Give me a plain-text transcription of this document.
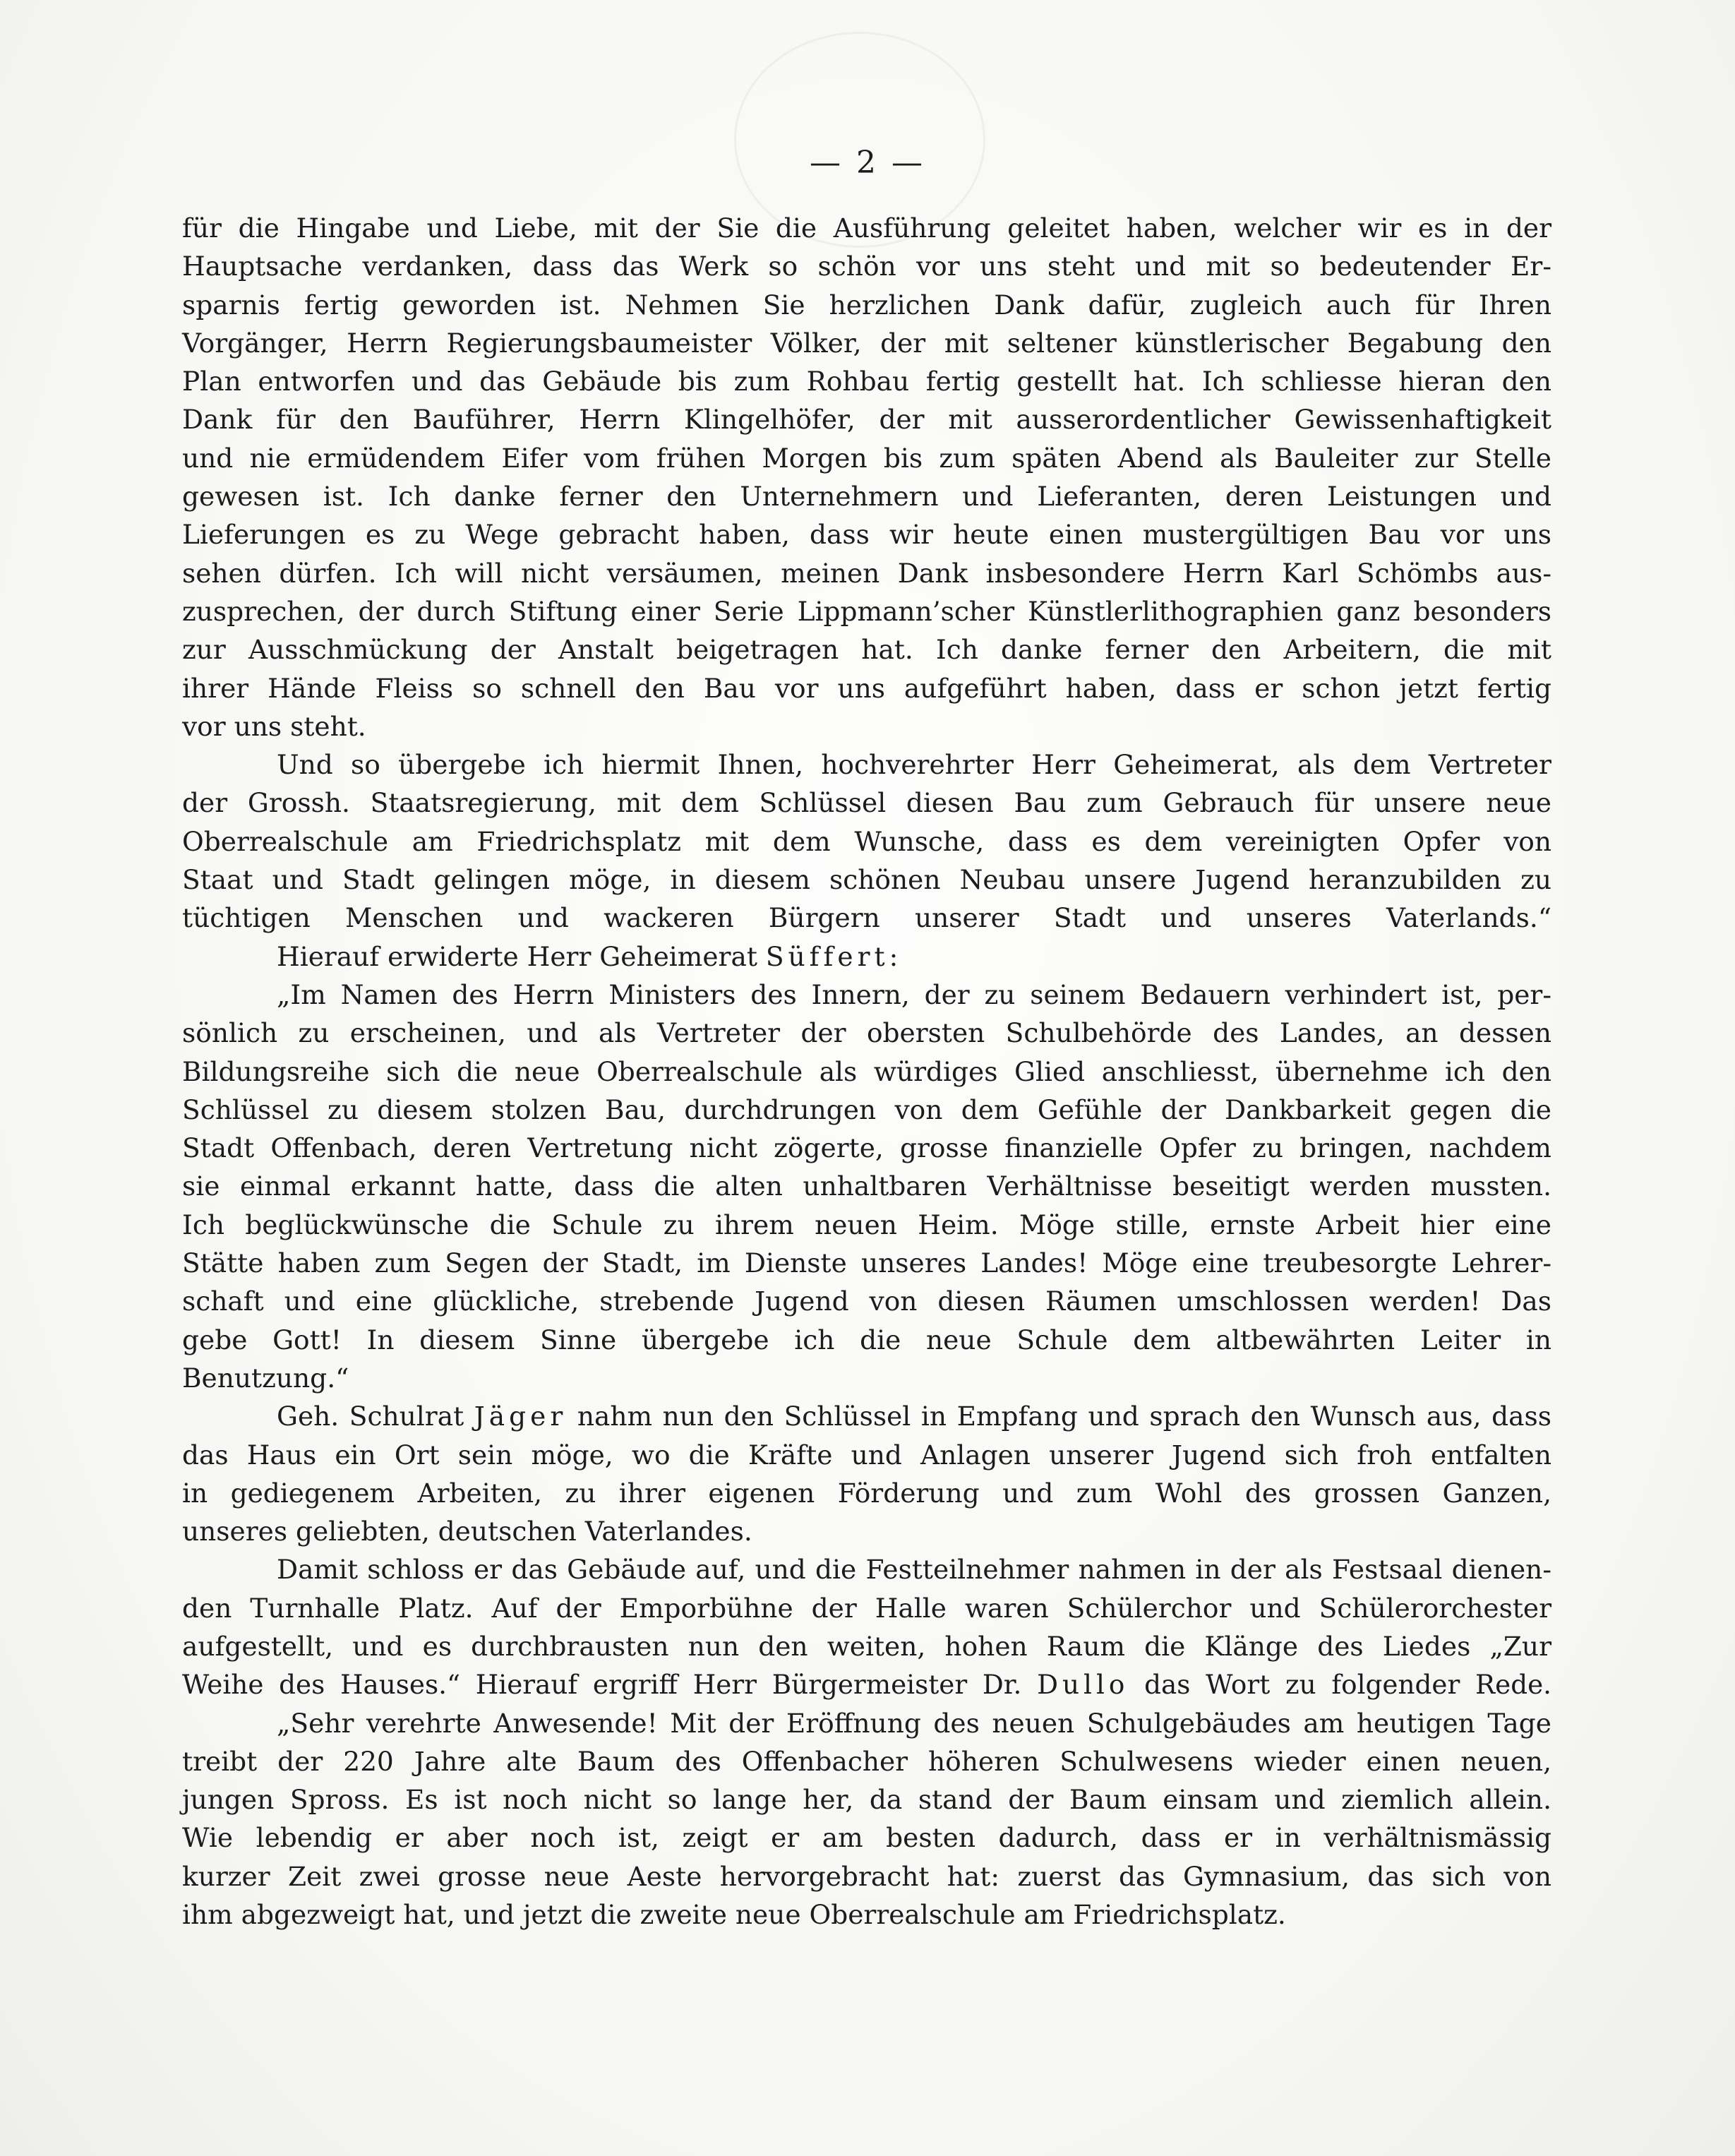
— 2 —
für die Hingabe und Liebe, mit der Sie die Ausführung geleitet haben, welcher wir es in der
Hauptsache verdanken, dass das Werk so schön vor uns steht und mit so bedeutender Er-
sparnis fertig geworden ist. Nehmen Sie herzlichen Dank dafür, zugleich auch für Ihren
Vorgänger, Herrn Regierungsbaumeister Völker, der mit seltener künstlerischer Begabung den
Plan entworfen und das Gebäude bis zum Rohbau fertig gestellt hat. Ich schliesse hieran den
Dank für den Bauführer, Herrn Klingelhöfer, der mit ausserordentlicher Gewissenhaftigkeit
und nie ermüdendem Eifer vom frühen Morgen bis zum späten Abend als Bauleiter zur Stelle
gewesen ist. Ich danke ferner den Unternehmern und Lieferanten, deren Leistungen und
Lieferungen es zu Wege gebracht haben, dass wir heute einen mustergültigen Bau vor uns
sehen dürfen. Ich will nicht versäumen, meinen Dank insbesondere Herrn Karl Schömbs aus-
zusprechen, der durch Stiftung einer Serie Lippmann’scher Künstlerlithographien ganz besonders
zur Ausschmückung der Anstalt beigetragen hat. Ich danke ferner den Arbeitern, die mit
ihrer Hände Fleiss so schnell den Bau vor uns aufgeführt haben, dass er schon jetzt fertig
vor uns steht.
Und so übergebe ich hiermit Ihnen, hochverehrter Herr Geheimerat, als dem Vertreter
der Grossh. Staatsregierung, mit dem Schlüssel diesen Bau zum Gebrauch für unsere neue
Oberrealschule am Friedrichsplatz mit dem Wunsche, dass es dem vereinigten Opfer von
Staat und Stadt gelingen möge, in diesem schönen Neubau unsere Jugend heranzubilden zu
tüchtigen Menschen und wackeren Bürgern unserer Stadt und unseres Vaterlands.“
Hierauf erwiderte Herr Geheimerat Süffert:
„Im Namen des Herrn Ministers des Innern, der zu seinem Bedauern verhindert ist, per-
sönlich zu erscheinen, und als Vertreter der obersten Schulbehörde des Landes, an dessen
Bildungsreihe sich die neue Oberrealschule als würdiges Glied anschliesst, übernehme ich den
Schlüssel zu diesem stolzen Bau, durchdrungen von dem Gefühle der Dankbarkeit gegen die
Stadt Offenbach, deren Vertretung nicht zögerte, grosse finanzielle Opfer zu bringen, nachdem
sie einmal erkannt hatte, dass die alten unhaltbaren Verhältnisse beseitigt werden mussten.
Ich beglückwünsche die Schule zu ihrem neuen Heim. Möge stille, ernste Arbeit hier eine
Stätte haben zum Segen der Stadt, im Dienste unseres Landes! Möge eine treubesorgte Lehrer-
schaft und eine glückliche, strebende Jugend von diesen Räumen umschlossen werden! Das
gebe Gott! In diesem Sinne übergebe ich die neue Schule dem altbewährten Leiter in
Benutzung.“
Geh. Schulrat Jäger nahm nun den Schlüssel in Empfang und sprach den Wunsch aus, dass
das Haus ein Ort sein möge, wo die Kräfte und Anlagen unserer Jugend sich froh entfalten
in gediegenem Arbeiten, zu ihrer eigenen Förderung und zum Wohl des grossen Ganzen,
unseres geliebten, deutschen Vaterlandes.
Damit schloss er das Gebäude auf, und die Festteilnehmer nahmen in der als Festsaal dienen-
den Turnhalle Platz. Auf der Emporbühne der Halle waren Schülerchor und Schülerorchester
aufgestellt, und es durchbrausten nun den weiten, hohen Raum die Klänge des Liedes „Zur
Weihe des Hauses.“ Hierauf ergriff Herr Bürgermeister Dr. Dullo das Wort zu folgender Rede.
„Sehr verehrte Anwesende! Mit der Eröffnung des neuen Schulgebäudes am heutigen Tage
treibt der 220 Jahre alte Baum des Offenbacher höheren Schulwesens wieder einen neuen,
jungen Spross. Es ist noch nicht so lange her, da stand der Baum einsam und ziemlich allein.
Wie lebendig er aber noch ist, zeigt er am besten dadurch, dass er in verhältnismässig
kurzer Zeit zwei grosse neue Aeste hervorgebracht hat: zuerst das Gymnasium, das sich von
ihm abgezweigt hat, und jetzt die zweite neue Oberrealschule am Friedrichsplatz.
